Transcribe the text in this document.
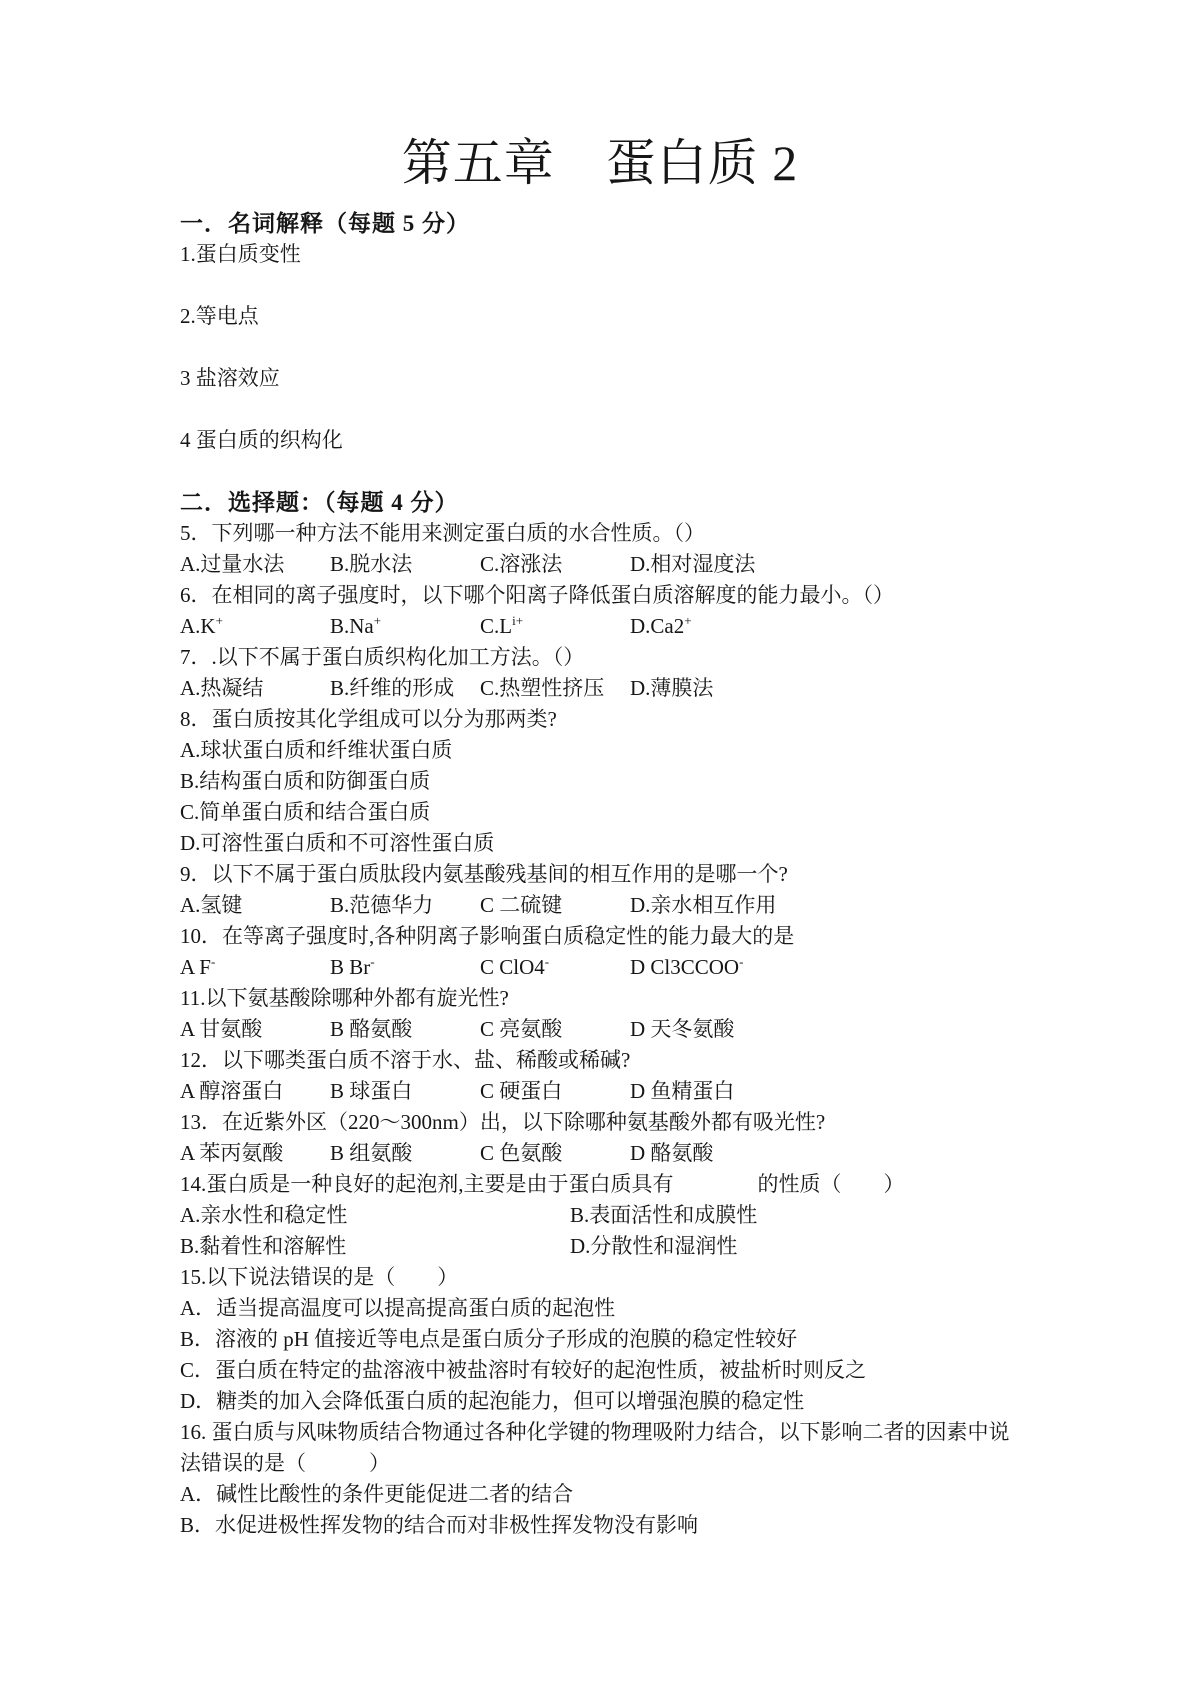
第五章　蛋白质 2
一．名词解释（每题 5 分）
1.蛋白质变性
2.等电点
3 盐溶效应
4 蛋白质的织构化
二．选择题：（每题 4 分）
5．下列哪一种方法不能用来测定蛋白质的水合性质。（）
A.过量水法 B.脱水法	C.溶涨法	D.相对湿度法
6．在相同的离子强度时，以下哪个阳离子降低蛋白质溶解度的能力最小。（）
A.K+	B.Na+	$C.L^{i+}$	D.Ca2+
7．.以下不属于蛋白质织构化加工方法。（）
A.热凝结	B.纤维的形成 C.热塑性挤压 D.薄膜法
8．蛋白质按其化学组成可以分为那两类?
A.球状蛋白质和纤维状蛋白质B.结构蛋白质和防御蛋白质
C.简单蛋白质和结合蛋白质D.可溶性蛋白质和不可溶性蛋白质
9．以下不属于蛋白质肽段内氨基酸残基间的相互作用的是哪一个?
A.氢键	B.范德华力 C 二硫键	D.亲水相互作用
10．在等离子强度时,各种阴离子影响蛋白质稳定性的能力最大的是
A F-	B Br-	C ClO4-	D Cl3CCOO-
11.以下氨基酸除哪种外都有旋光性?
A 甘氨酸	B 酪氨酸	C 亮氨酸	D 天冬氨酸
12．以下哪类蛋白质不溶于水、盐、稀酸或稀碱?
A 醇溶蛋白 B 球蛋白	C 硬蛋白	D 鱼精蛋白
13．在近紫外区（220～300nm）出，以下除哪种氨基酸外都有吸光性?
A 苯丙氨酸 B 组氨酸	C 色氨酸	D 酪氨酸
14.蛋白质是一种良好的起泡剂,主要是由于蛋白质具有　　　　的性质（　　）
A.亲水性和稳定性	B.表面活性和成膜性
B.黏着性和溶解性	D.分散性和湿润性
15.以下说法错误的是（　　）
A．适当提高温度可以提高提高蛋白质的起泡性
B．溶液的 pH 值接近等电点是蛋白质分子形成的泡膜的稳定性较好
C．蛋白质在特定的盐溶液中被盐溶时有较好的起泡性质，被盐析时则反之
D．糖类的加入会降低蛋白质的起泡能力，但可以增强泡膜的稳定性
16. 蛋白质与风味物质结合物通过各种化学键的物理吸附力结合，以下影响二者的因素中说
法错误的是（　　　）
A．碱性比酸性的条件更能促进二者的结合
B．水促进极性挥发物的结合而对非极性挥发物没有影响
